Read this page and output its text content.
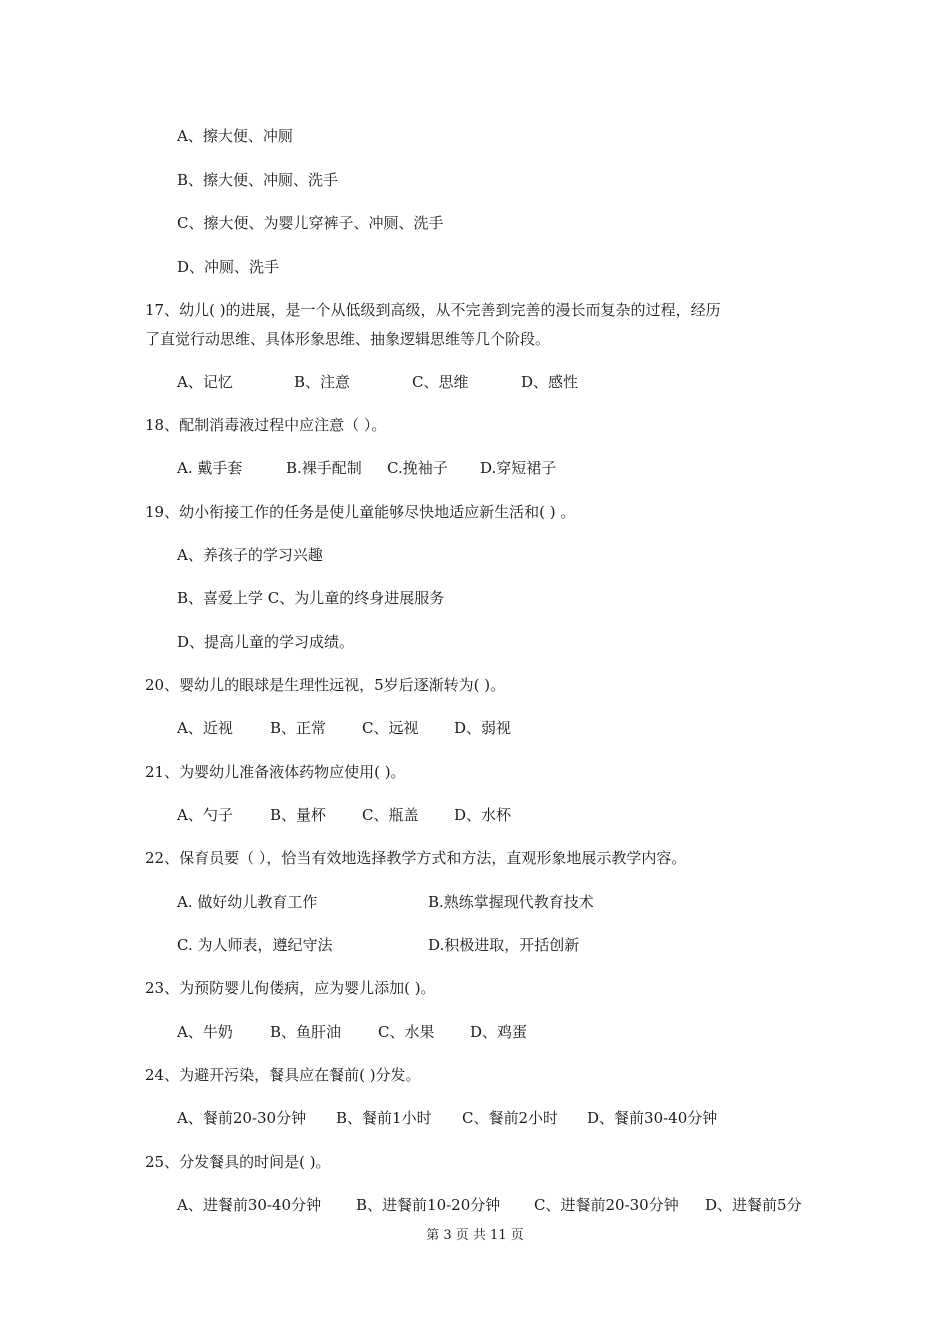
A、擦大便、冲厕
B、擦大便、冲厕、洗手
C、擦大便、为婴儿穿裤子、冲厕、洗手
D、冲厕、洗手
17、幼儿( )的进展，是一个从低级到高级，从不完善到完善的漫长而复杂的过程，经历
了直觉行动思维、具体形象思维、抽象逻辑思维等几个阶段。
A、记忆	B、注意	C、思维	D、感性
18、配制消毒液过程中应注意（ ）。
A. 戴手套	B.裸手配制 C.挽袖子 D.穿短裙子
19、幼小衔接工作的任务是使儿童能够尽快地适应新生活和( ) 。
A、养孩子的学习兴趣
B、喜爱上学 C、为儿童的终身进展服务
D、提高儿童的学习成绩。
20、婴幼儿的眼球是生理性远视，5岁后逐渐转为( )。
A、近视 B、正常 C、远视 D、弱视
21、为婴幼儿准备液体药物应使用( )。
A、勺子 B、量杯 C、瓶盖 D、水杯
22、保育员要（ ），恰当有效地选择教学方式和方法，直观形象地展示教学内容。
A. 做好幼儿教育工作	B.熟练掌握现代教育技术
C. 为人师表，遵纪守法	D.积极进取，开括创新
23、为预防婴儿佝偻病，应为婴儿添加( )。
A、牛奶 B、鱼肝油 C、水果 D、鸡蛋
24、为避开污染，餐具应在餐前( )分发。
A、餐前20-30分钟 B、餐前1小时 C、餐前2小时 D、餐前30-40分钟
25、分发餐具的时间是( )。
A、进餐前30-40分钟 B、进餐前10-20分钟 C、进餐前20-30分钟 D、进餐前5分
第 3 页 共 11 页
